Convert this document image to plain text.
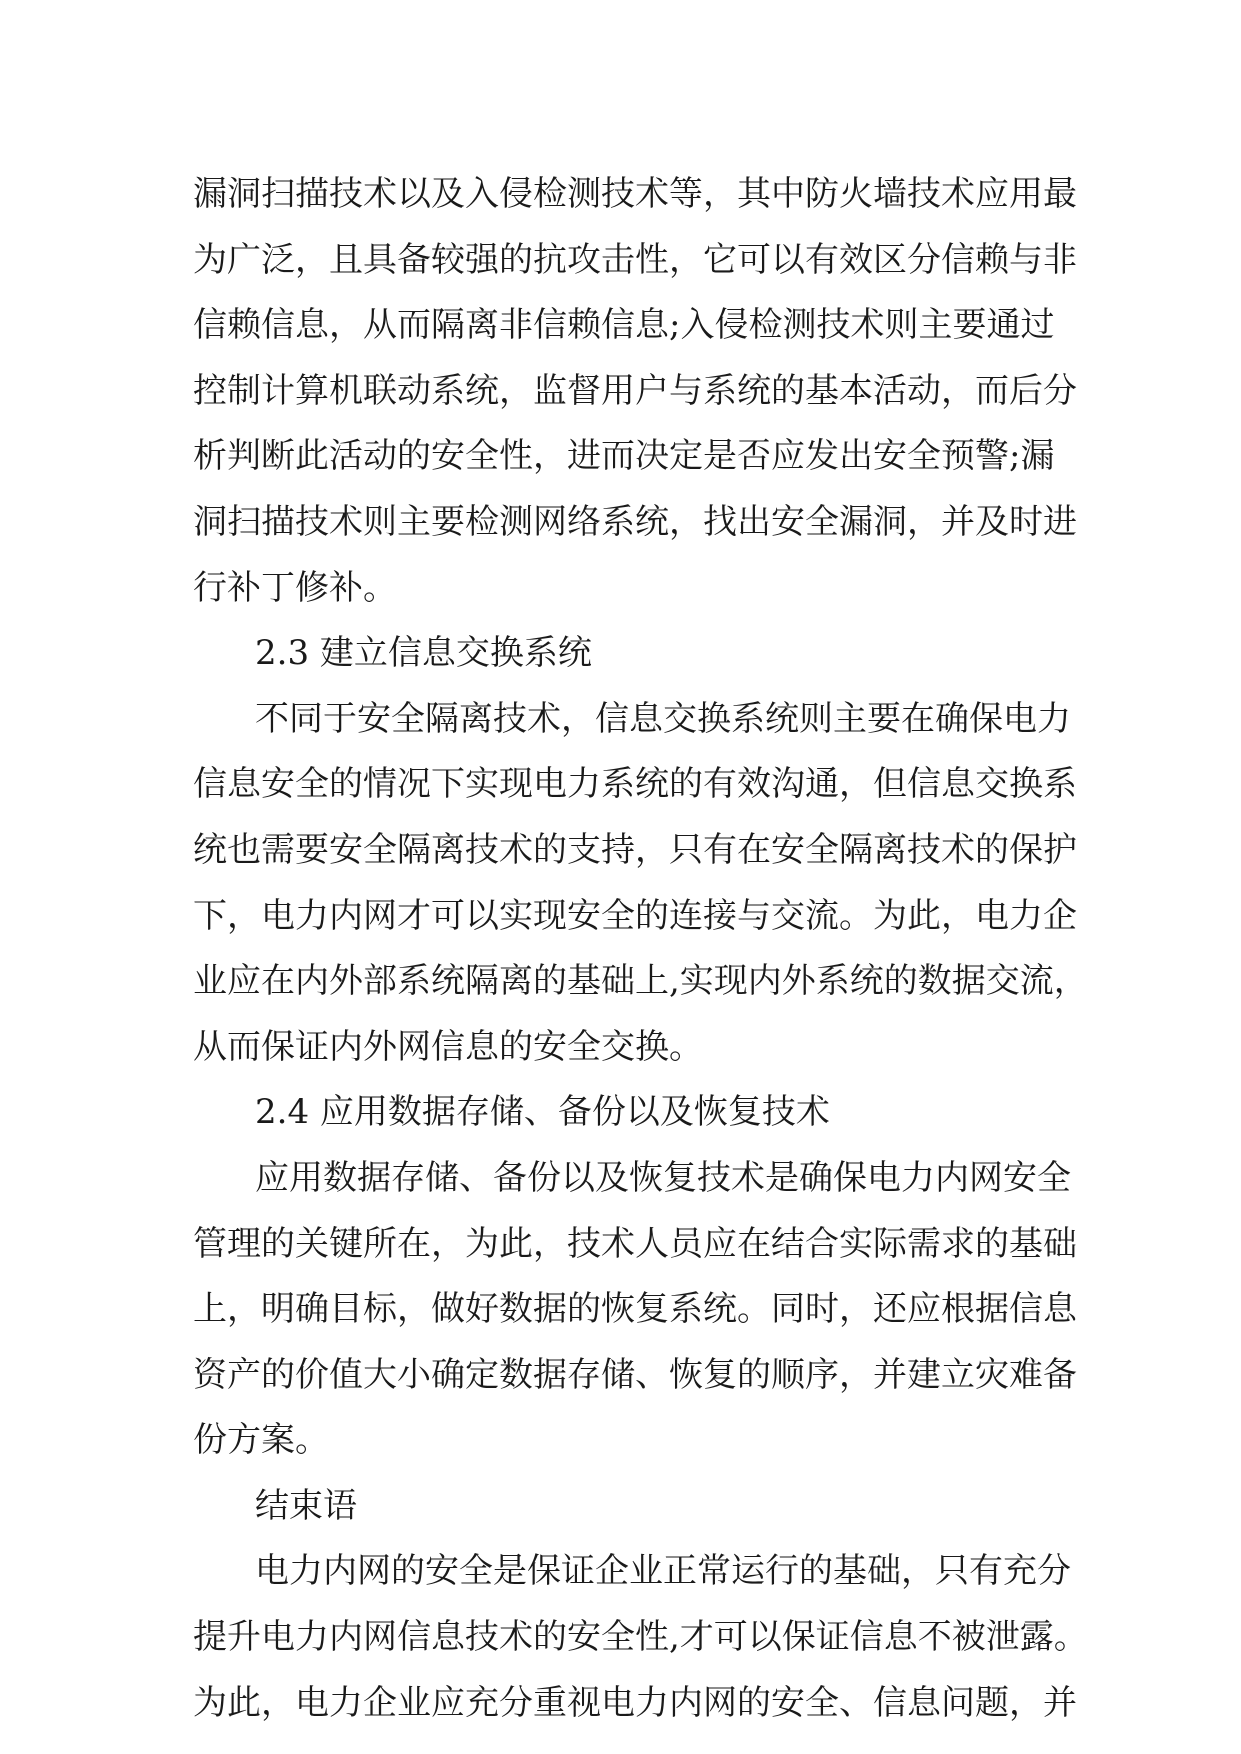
漏洞扫描技术以及入侵检测技术等，其中防火墙技术应用最
为广泛，且具备较强的抗攻击性，它可以有效区分信赖与非
信赖信息，从而隔离非信赖信息;入侵检测技术则主要通过
控制计算机联动系统，监督用户与系统的基本活动，而后分
析判断此活动的安全性，进而决定是否应发出安全预警;漏
洞扫描技术则主要检测网络系统，找出安全漏洞，并及时进
行补丁修补。
2.3 建立信息交换系统
不同于安全隔离技术，信息交换系统则主要在确保电力
信息安全的情况下实现电力系统的有效沟通，但信息交换系
统也需要安全隔离技术的支持，只有在安全隔离技术的保护
下，电力内网才可以实现安全的连接与交流。为此，电力企
业应在内外部系统隔离的基础上,实现内外系统的数据交流，
从而保证内外网信息的安全交换。
2.4 应用数据存储、备份以及恢复技术
应用数据存储、备份以及恢复技术是确保电力内网安全
管理的关键所在，为此，技术人员应在结合实际需求的基础
上，明确目标，做好数据的恢复系统。同时，还应根据信息
资产的价值大小确定数据存储、恢复的顺序，并建立灾难备
份方案。
结束语
电力内网的安全是保证企业正常运行的基础，只有充分
提升电力内网信息技术的安全性,才可以保证信息不被泄露。
为此，电力企业应充分重视电力内网的安全、信息问题，并
